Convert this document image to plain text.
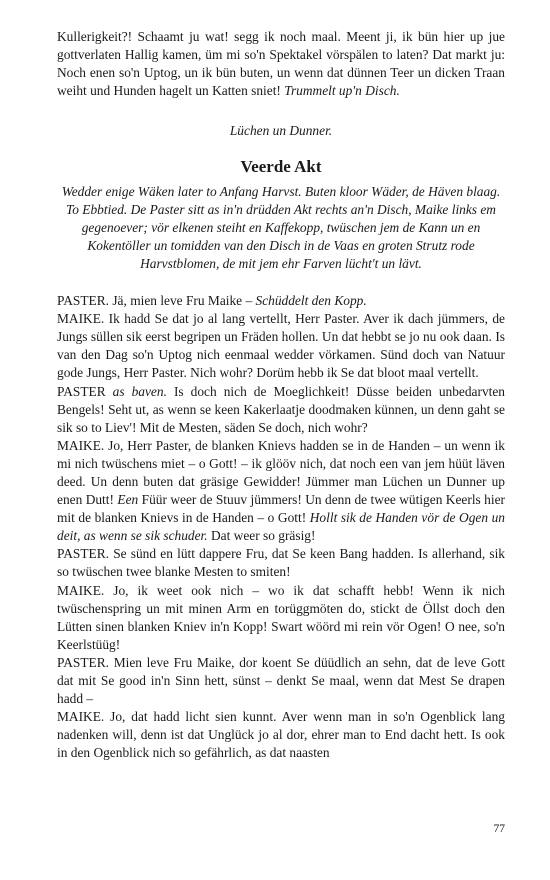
Kullerigkeit?! Schaamt ju wat! segg ik noch maal. Meent ji, ik bün hier up jue gottverlaten Hallig kamen, üm mi so'n Spektakel vörspälen to laten? Dat markt ju: Noch enen so'n Uptog, un ik bün buten, un wenn dat dünnen Teer un dicken Traan weiht und Hunden hagelt un Katten sniet! Trummelt up'n Disch.

Lüchen un Dunner.

Veerde Akt

Wedder enige Wäken later to Anfang Harvst. Buten kloor Wäder, de Häven blaag. To Ebbtied. De Paster sitt as in'n drüdden Akt rechts an'n Disch, Maike links em gegenoever; vör elkenen steiht en Kaffekopp, twüschen jem de Kann un en Kokentöller un tomidden van den Disch in de Vaas en groten Strutz rode Harvstblomen, de mit jem ehr Farven lücht't un lävt.

PASTER. Jä, mien leve Fru Maike – Schüddelt den Kopp.

MAIKE. Ik hadd Se dat jo al lang vertellt, Herr Paster. Aver ik dach jümmers, de Jungs süllen sik eerst begripen un Fräden hollen. Un dat hebbt se jo nu ook daan. Is van den Dag so'n Uptog nich eenmaal wedder vörkamen. Sünd doch van Natuur gode Jungs, Herr Paster. Nich wohr? Dorüm hebb ik Se dat bloot maal vertellt.

PASTER as baven. Is doch nich de Moeglichkeit! Düsse beiden unbedarvten Bengels! Seht ut, as wenn se keen Kakerlaatje doodmaken künnen, un denn gaht se sik so to Liev'! Mit de Mesten, säden Se doch, nich wohr?

MAIKE. Jo, Herr Paster, de blanken Knievs hadden se in de Handen – un wenn ik mi nich twüschens miet – o Gott! – ik glööv nich, dat noch een van jem hüüt läven deed. Un denn buten dat gräsige Gewidder! Jümmer man Lüchen un Dunner up enen Dutt! Een Füür weer de Stuuv jümmers! Un denn de twee wütigen Keerls hier mit de blanken Knievs in de Handen – o Gott! Hollt sik de Handen vör de Ogen un deit, as wenn se sik schuder. Dat weer so gräsig!

PASTER. Se sünd en lütt dappere Fru, dat Se keen Bang hadden. Is allerhand, sik so twüschen twee blanke Mesten to smiten!

MAIKE. Jo, ik weet ook nich – wo ik dat schafft hebb! Wenn ik nich twüschenspring un mit minen Arm en torüggmöten do, stickt de Öllst doch den Lütten sinen blanken Kniev in'n Kopp! Swart wöörd mi rein vör Ogen! O nee, so'n Keerlstüüg!

PASTER. Mien leve Fru Maike, dor koent Se düüdlich an sehn, dat de leve Gott dat mit Se good in'n Sinn hett, sünst – denkt Se maal, wenn dat Mest Se drapen hadd –

MAIKE. Jo, dat hadd licht sien kunnt. Aver wenn man in so'n Ogenblick lang nadenken will, denn ist dat Unglück jo al dor, ehrer man to End dacht hett. Is ook in den Ogenblick nich so gefährlich, as dat naasten

77
